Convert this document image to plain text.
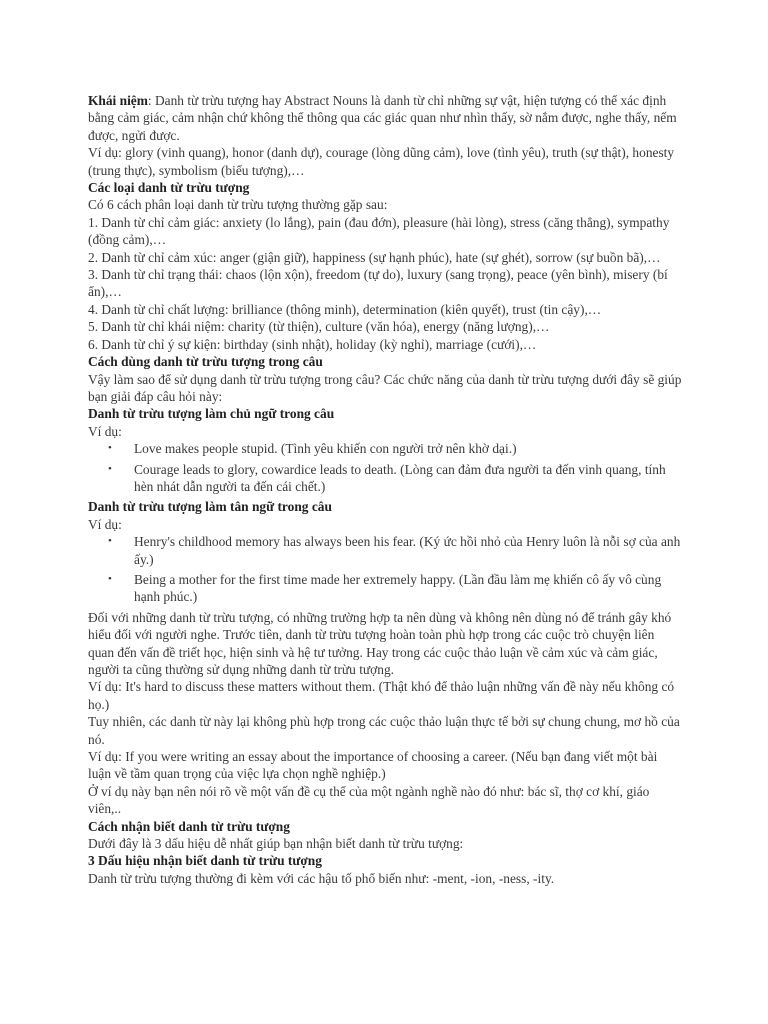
Khái niệm: Danh từ trừu tượng hay Abstract Nouns là danh từ chỉ những sự vật, hiện tượng có thể xác định bằng cảm giác, cảm nhận chứ không thể thông qua các giác quan như nhìn thấy, sờ nắm được, nghe thấy, nếm được, ngửi được.

Ví dụ: glory (vinh quang), honor (danh dự), courage (lòng dũng cảm), love (tình yêu), truth (sự thật), honesty (trung thực), symbolism (biểu tượng),…

Các loại danh từ trừu tượng

Có 6 cách phân loại danh từ trừu tượng thường gặp sau:

1. Danh từ chỉ cảm giác: anxiety (lo lắng), pain (đau đớn), pleasure (hài lòng), stress (căng thẳng), sympathy (đồng cảm),…

2. Danh từ chỉ cảm xúc: anger (giận giữ), happiness (sự hạnh phúc), hate (sự ghét), sorrow (sự buồn bã),…

3. Danh từ chỉ trạng thái: chaos (lộn xộn), freedom (tự do), luxury (sang trọng), peace (yên bình), misery (bí ẩn),…

4. Danh từ chỉ chất lượng: brilliance (thông minh), determination (kiên quyết), trust (tin cậy),…

5. Danh từ chỉ khái niệm: charity (từ thiện), culture (văn hóa), energy (năng lượng),…

6. Danh từ chỉ ý sự kiện: birthday (sinh nhật), holiday (kỳ nghỉ), marriage (cưới),…

Cách dùng danh từ trừu tượng trong câu

Vậy làm sao để sử dụng danh từ trừu tượng trong câu? Các chức năng của danh từ trừu tượng dưới đây sẽ giúp bạn giải đáp câu hỏi này:

Danh từ trừu tượng làm chủ ngữ trong câu

Ví dụ:

• Love makes people stupid. (Tình yêu khiến con người trở nên khờ dại.)
• Courage leads to glory, cowardice leads to death. (Lòng can đảm đưa người ta đến vinh quang, tính hèn nhát dẫn người ta đến cái chết.)

Danh từ trừu tượng làm tân ngữ trong câu

Ví dụ:

• Henry's childhood memory has always been his fear. (Ký ức hồi nhỏ của Henry luôn là nỗi sợ của anh ấy.)
• Being a mother for the first time made her extremely happy. (Lần đầu làm mẹ khiến cô ấy vô cùng hạnh phúc.)

Đối với những danh từ trừu tượng, có những trường hợp ta nên dùng và không nên dùng nó để tránh gây khó hiểu đối với người nghe. Trước tiên, danh từ trừu tượng hoàn toàn phù hợp trong các cuộc trò chuyện liên quan đến vấn đề triết học, hiện sinh và hệ tư tưởng. Hay trong các cuộc thảo luận về cảm xúc và cảm giác, người ta cũng thường sử dụng những danh từ trừu tượng.

Ví dụ: It's hard to discuss these matters without them. (Thật khó để thảo luận những vấn đề này nếu không có họ.)

Tuy nhiên, các danh từ này lại không phù hợp trong các cuộc thảo luận thực tế bởi sự chung chung, mơ hồ của nó.

Ví dụ: If you were writing an essay about the importance of choosing a career. (Nếu bạn đang viết một bài luận về tầm quan trọng của việc lựa chọn nghề nghiệp.)

Ở ví dụ này bạn nên nói rõ về một vấn đề cụ thể của một ngành nghề nào đó như: bác sĩ, thợ cơ khí, giáo viên,..

Cách nhận biết danh từ trừu tượng

Dưới đây là 3 dấu hiệu dễ nhất giúp bạn nhận biết danh từ trừu tượng:

3 Dấu hiệu nhận biết danh từ trừu tượng

Danh từ trừu tượng thường đi kèm với các hậu tố phổ biến như: -ment, -ion, -ness, -ity.
